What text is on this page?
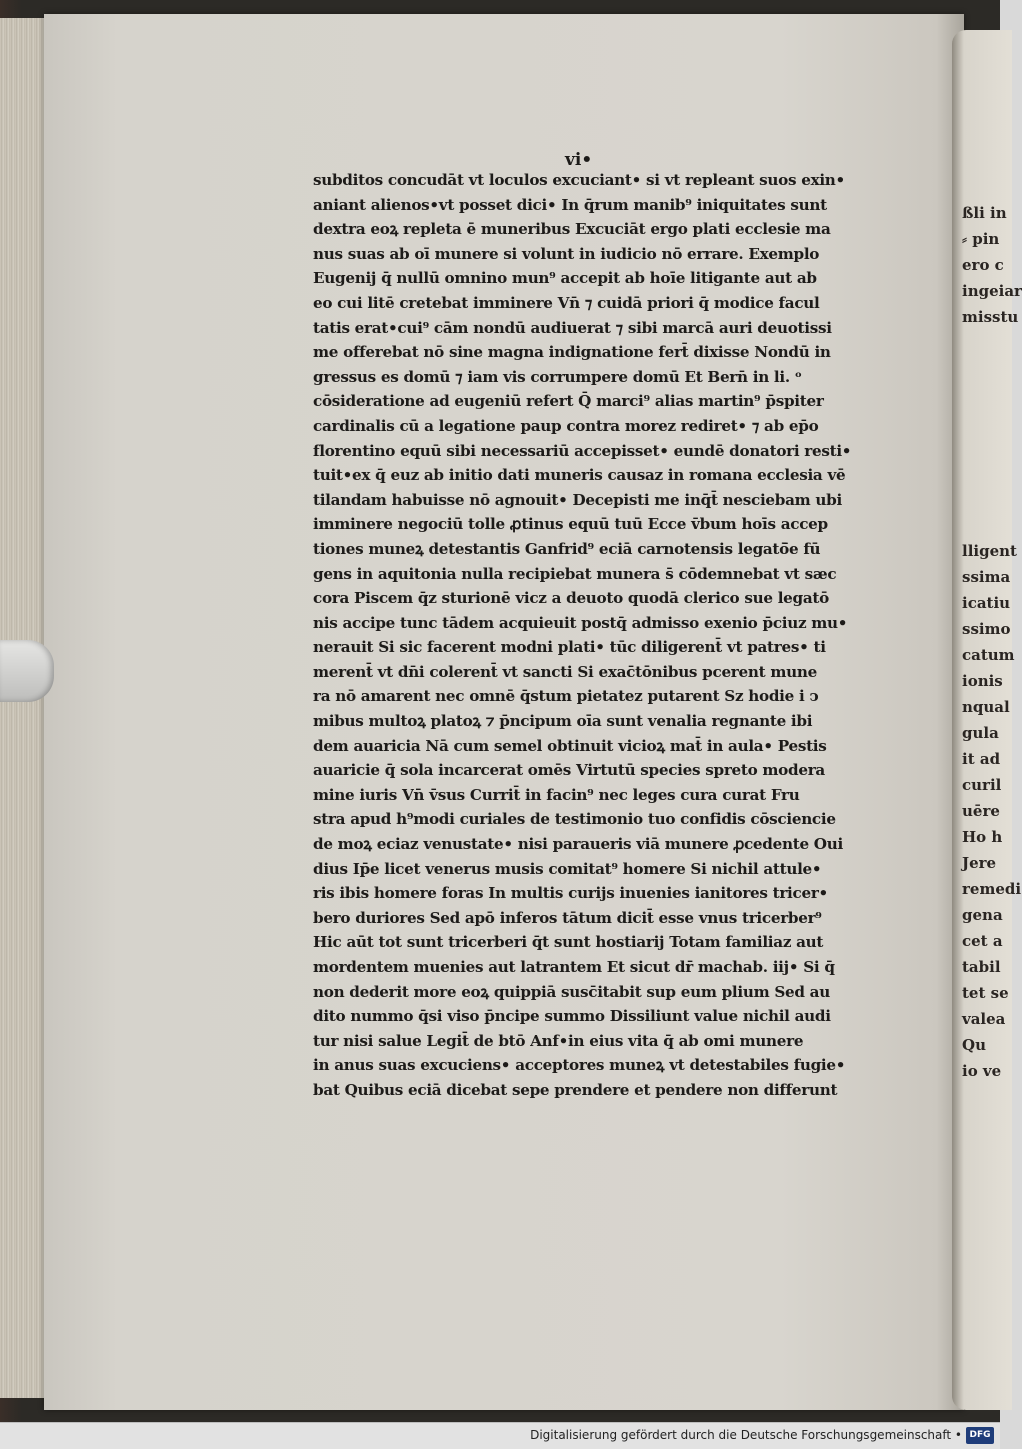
vi•
subditos concudāt vt loculos excuciant• si vt repleant suos exin•
aniant alienos•vt posset dici• In q̄rum manib⁹ iniquitates sunt
dextra eoꝝ repleta ē muneribus Excuciāt ergo plati ecclesie ma
nus suas ab oī munere si volunt in iudicio nō errare. Exemplo
Eugenij q̄ nullū omnino mun⁹ accepit ab hoīe litigante aut ab
eo cui litē cretebat imminere Vn̄ ⁊ cuidā priori q̄ modice facul
tatis erat•cui⁹ cām nondū audiuerat ⁊ sibi marcā auri deuotissi
me offerebat nō sine magna indignatione fert̄ dixisse Nondū in
gressus es domū ⁊ iam vis corrumpere domū Et Bern̄ in li. ᵒ
cōsideratione ad eugeniū refert Q̄ marci⁹ alias martin⁹ p̄spiter
cardinalis cū a legatione paup contra morez rediret• ⁊ ab ep̄o
florentino equū sibi necessariū accepisset• eundē donatori resti•
tuit•ex q̄ euz ab initio dati muneris causaz in romana ecclesia vē
tilandam habuisse nō agnouit• Decepisti me inq̄t̄ nesciebam ubi
imminere negociū tolle ꝓtinus equū tuū Ecce v̄bum hoīs accep
tiones muneꝝ detestantis Ganfrid⁹ eciā carnotensis legatō̄e fū
gens in aquitonia nulla recipiebat munera s̄ cōdemnebat vt sæc
cora Piscem q̄z sturionē vicz a deuoto quodā clerico sue legatō
nis accipe tunc tādem acquieuit postq̄ admisso exenio p̄ciuz mu•
nerauit Si sic facerent modni plati• tūc diligerent̄ vt patres• ti
merent̄ vt dn̄i colerent̄ vt sancti Si exac̄tōnibus pcerent mune
ra nō amarent nec omnē q̄stum pietatez putarent Sz hodie i ↄ
mibus multoꝝ platoꝝ ⁊ p̄ncipum oīa sunt venalia regnante ibi
dem auaricia Nā cum semel obtinuit vicioꝝ mat̄ in aula• Pestis
auaricie q̄ sola incarcerat omēs Virtutū species spreto modera
mine iuris Vn̄ v̄sus Currit̄ in facin⁹ nec leges cura curat Fru
stra apud h⁹modi curiales de testimonio tuo confidis cōsciencie
de moꝝ eciaz venustate• nisi paraueris viā munere ꝓcedente Oui
dius Ip̄e licet venerus musis comitat⁹ homere Si nichil attule•
ris ibis homere foras In multis curijs inuenies ianitores tricer•
bero duriores Sed apō inferos tātum dicit̄ esse vnus tricerber⁹
Hic aūt tot sunt tricerberi q̄t sunt hostiarij Totam familiaz aut
mordentem muenies aut latrantem Et sicut dr̄ machab. iij• Si q̄
non dederit more eoꝝ quippiā susc̄itabit sup eum plium Sed au
dito nummo q̄si viso p̄ncipe summo Dissiliunt value nichil audi
tur nisi salue Legit̄ de btō Anf•in eius vita q̄ ab omi munere
in anus suas excuciens• acceptores muneꝝ vt detestabiles fugie•
bat Quibus eciā dicebat sepe prendere et pendere non differunt
ßli in
⸗ pin
ero c
ingeiar
misstu
lligent
ssima
icatiu
ssimo
catum
ionis
nqual
gula
it ad
curil
uēre
Ho h
Jere
remedi
gena
cet a
tabil
tet se
valea
Qu
io ve
Digitalisierung gefördert durch die Deutsche Forschungsgemeinschaft • DFG
